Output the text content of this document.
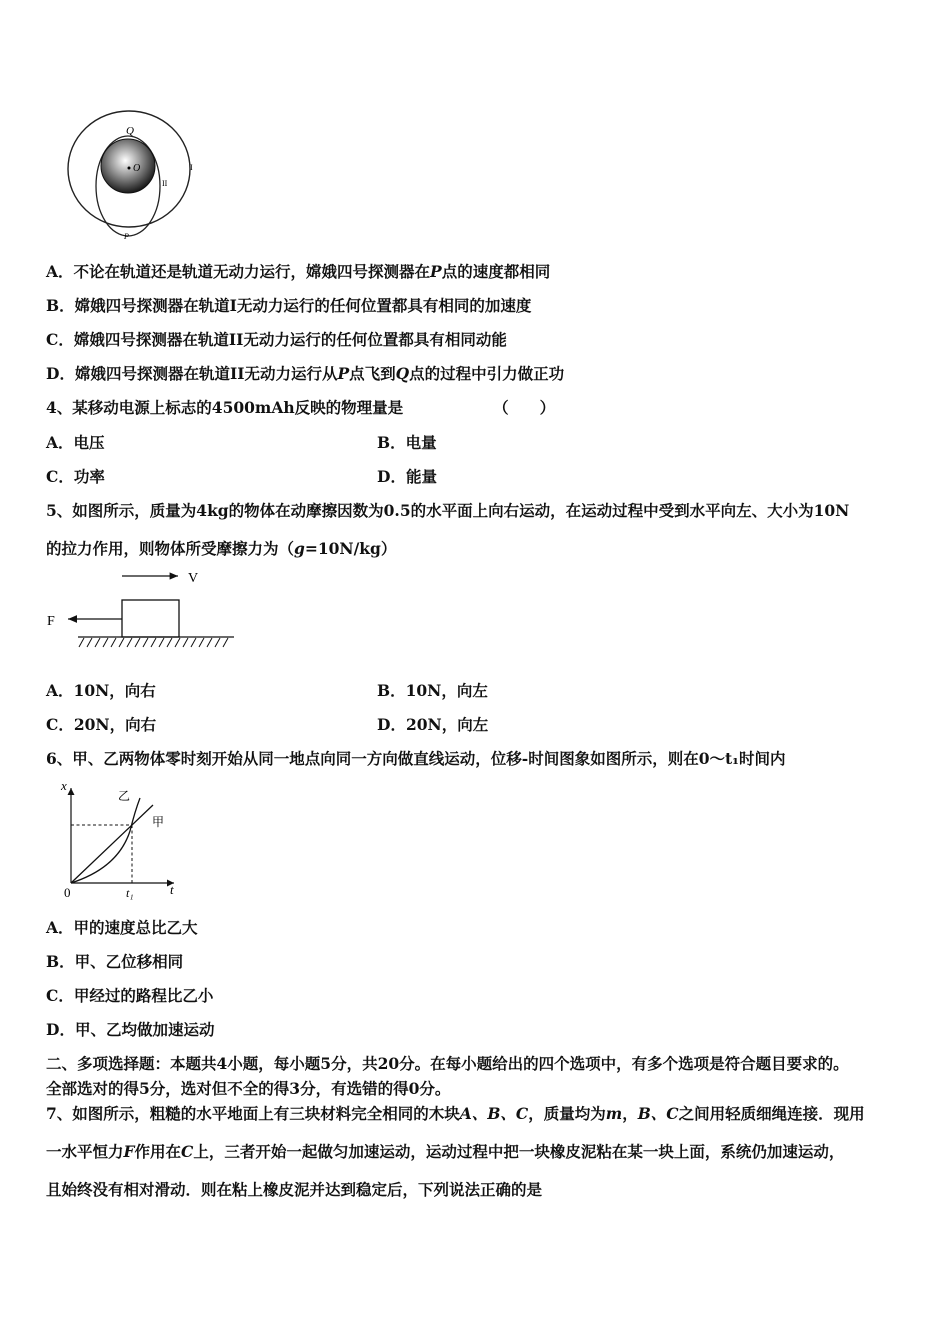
Q
O
P
I
II
A．不论在轨道还是轨道无动力运行，嫦娥四号探测器在P点的速度都相同
B．嫦娥四号探测器在轨道I无动力运行的任何位置都具有相同的加速度
C．嫦娥四号探测器在轨道II无动力运行的任何位置都具有相同动能
D．嫦娥四号探测器在轨道II无动力运行从P点飞到Q点的过程中引力做正功
4、某移动电源上标志的4500mAh反映的物理量是	（　　）
A．电压	B．电量
C．功率	D．能量
5、如图所示，质量为4kg的物体在动摩擦因数为0.5的水平面上向右运动，在运动过程中受到水平向左、大小为10N
的拉力作用，则物体所受摩擦力为（g=10N/kg）
V
F
A．10N，向右	B．10N，向左
C．20N，向右	D．20N，向左
6、甲、乙两物体零时刻开始从同一地点向同一方向做直线运动，位移-时间图象如图所示，则在0～t₁时间内
x
t
0	t₁
甲
乙
A．甲的速度总比乙大
B．甲、乙位移相同
C．甲经过的路程比乙小
D．甲、乙均做加速运动
二、多项选择题：本题共4小题，每小题5分，共20分。在每小题给出的四个选项中，有多个选项是符合题目要求的。
全部选对的得5分，选对但不全的得3分，有选错的得0分。
7、如图所示，粗糙的水平地面上有三块材料完全相同的木块A、B、C，质量均为m，B、C之间用轻质细绳连接．现用
一水平恒力F作用在C上，三者开始一起做匀加速运动，运动过程中把一块橡皮泥粘在某一块上面，系统仍加速运动，
且始终没有相对滑动．则在粘上橡皮泥并达到稳定后，下列说法正确的是
